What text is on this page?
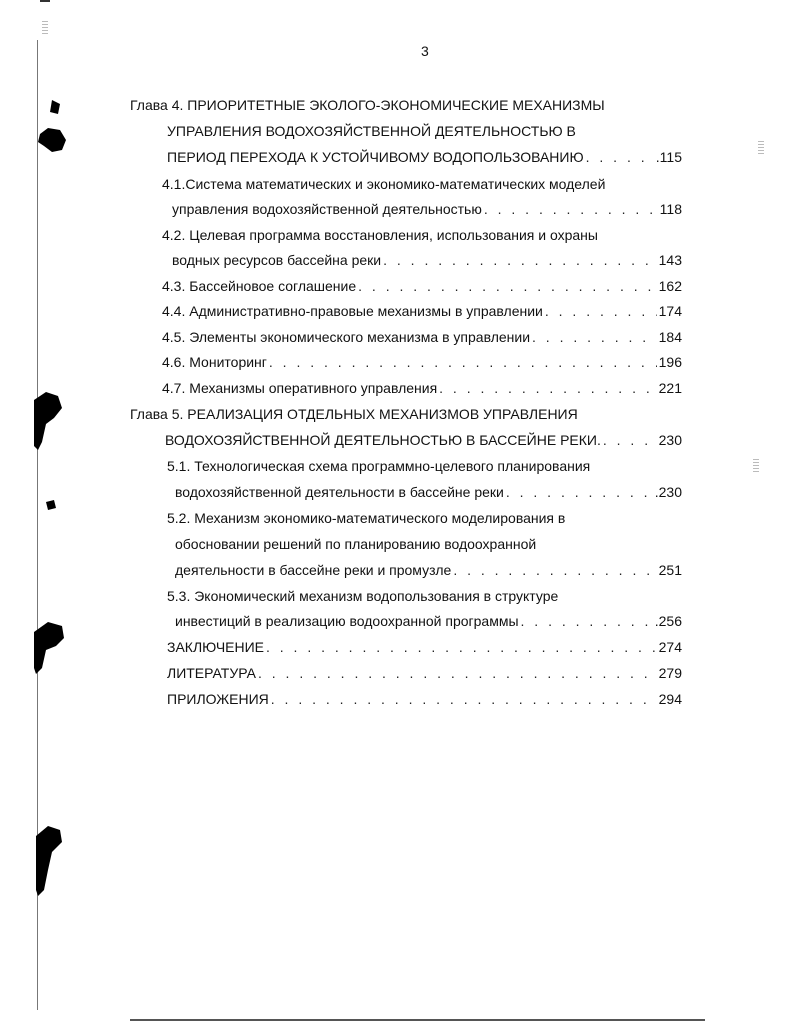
3
Глава 4. ПРИОРИТЕТНЫЕ ЭКОЛОГО-ЭКОНОМИЧЕСКИЕ МЕХАНИЗМЫ
УПРАВЛЕНИЯ ВОДОХОЗЯЙСТВЕННОЙ ДЕЯТЕЛЬНОСТЬЮ В
ПЕРИОД ПЕРЕХОДА К УСТОЙЧИВОМУ ВОДОПОЛЬЗОВАНИЮ . . .	.115
4.1.Система математических и экономико-математических моделей
управления водохозяйственной деятельностью . . .	118
4.2. Целевая программа восстановления, использования и охраны
водных ресурсов бассейна реки . . .	143
4.3. Бассейновое соглашение . . .	162
4.4. Административно-правовые механизмы в управлении . . .	174
4.5. Элементы экономического механизма в управлении . . .	184
4.6. Мониторинг . . .	196
4.7. Механизмы оперативного управления . . .	221
Глава 5. РЕАЛИЗАЦИЯ ОТДЕЛЬНЫХ МЕХАНИЗМОВ УПРАВЛЕНИЯ
ВОДОХОЗЯЙСТВЕННОЙ ДЕЯТЕЛЬНОСТЬЮ В БАССЕЙНЕ РЕКИ. . . .	230
5.1. Технологическая схема программно-целевого планирования
водохозяйственной деятельности в бассейне реки . . .	.230
5.2. Механизм экономико-математического моделирования в
обосновании решений по планированию водоохранной
деятельности в бассейне реки и промузле . . .	251
5.3. Экономический механизм водопользования в структуре
инвестиций в реализацию водоохранной программы . . .	.256
ЗАКЛЮЧЕНИЕ . . .	274
ЛИТЕРАТУРА . . .	279
ПРИЛОЖЕНИЯ . . .	294
